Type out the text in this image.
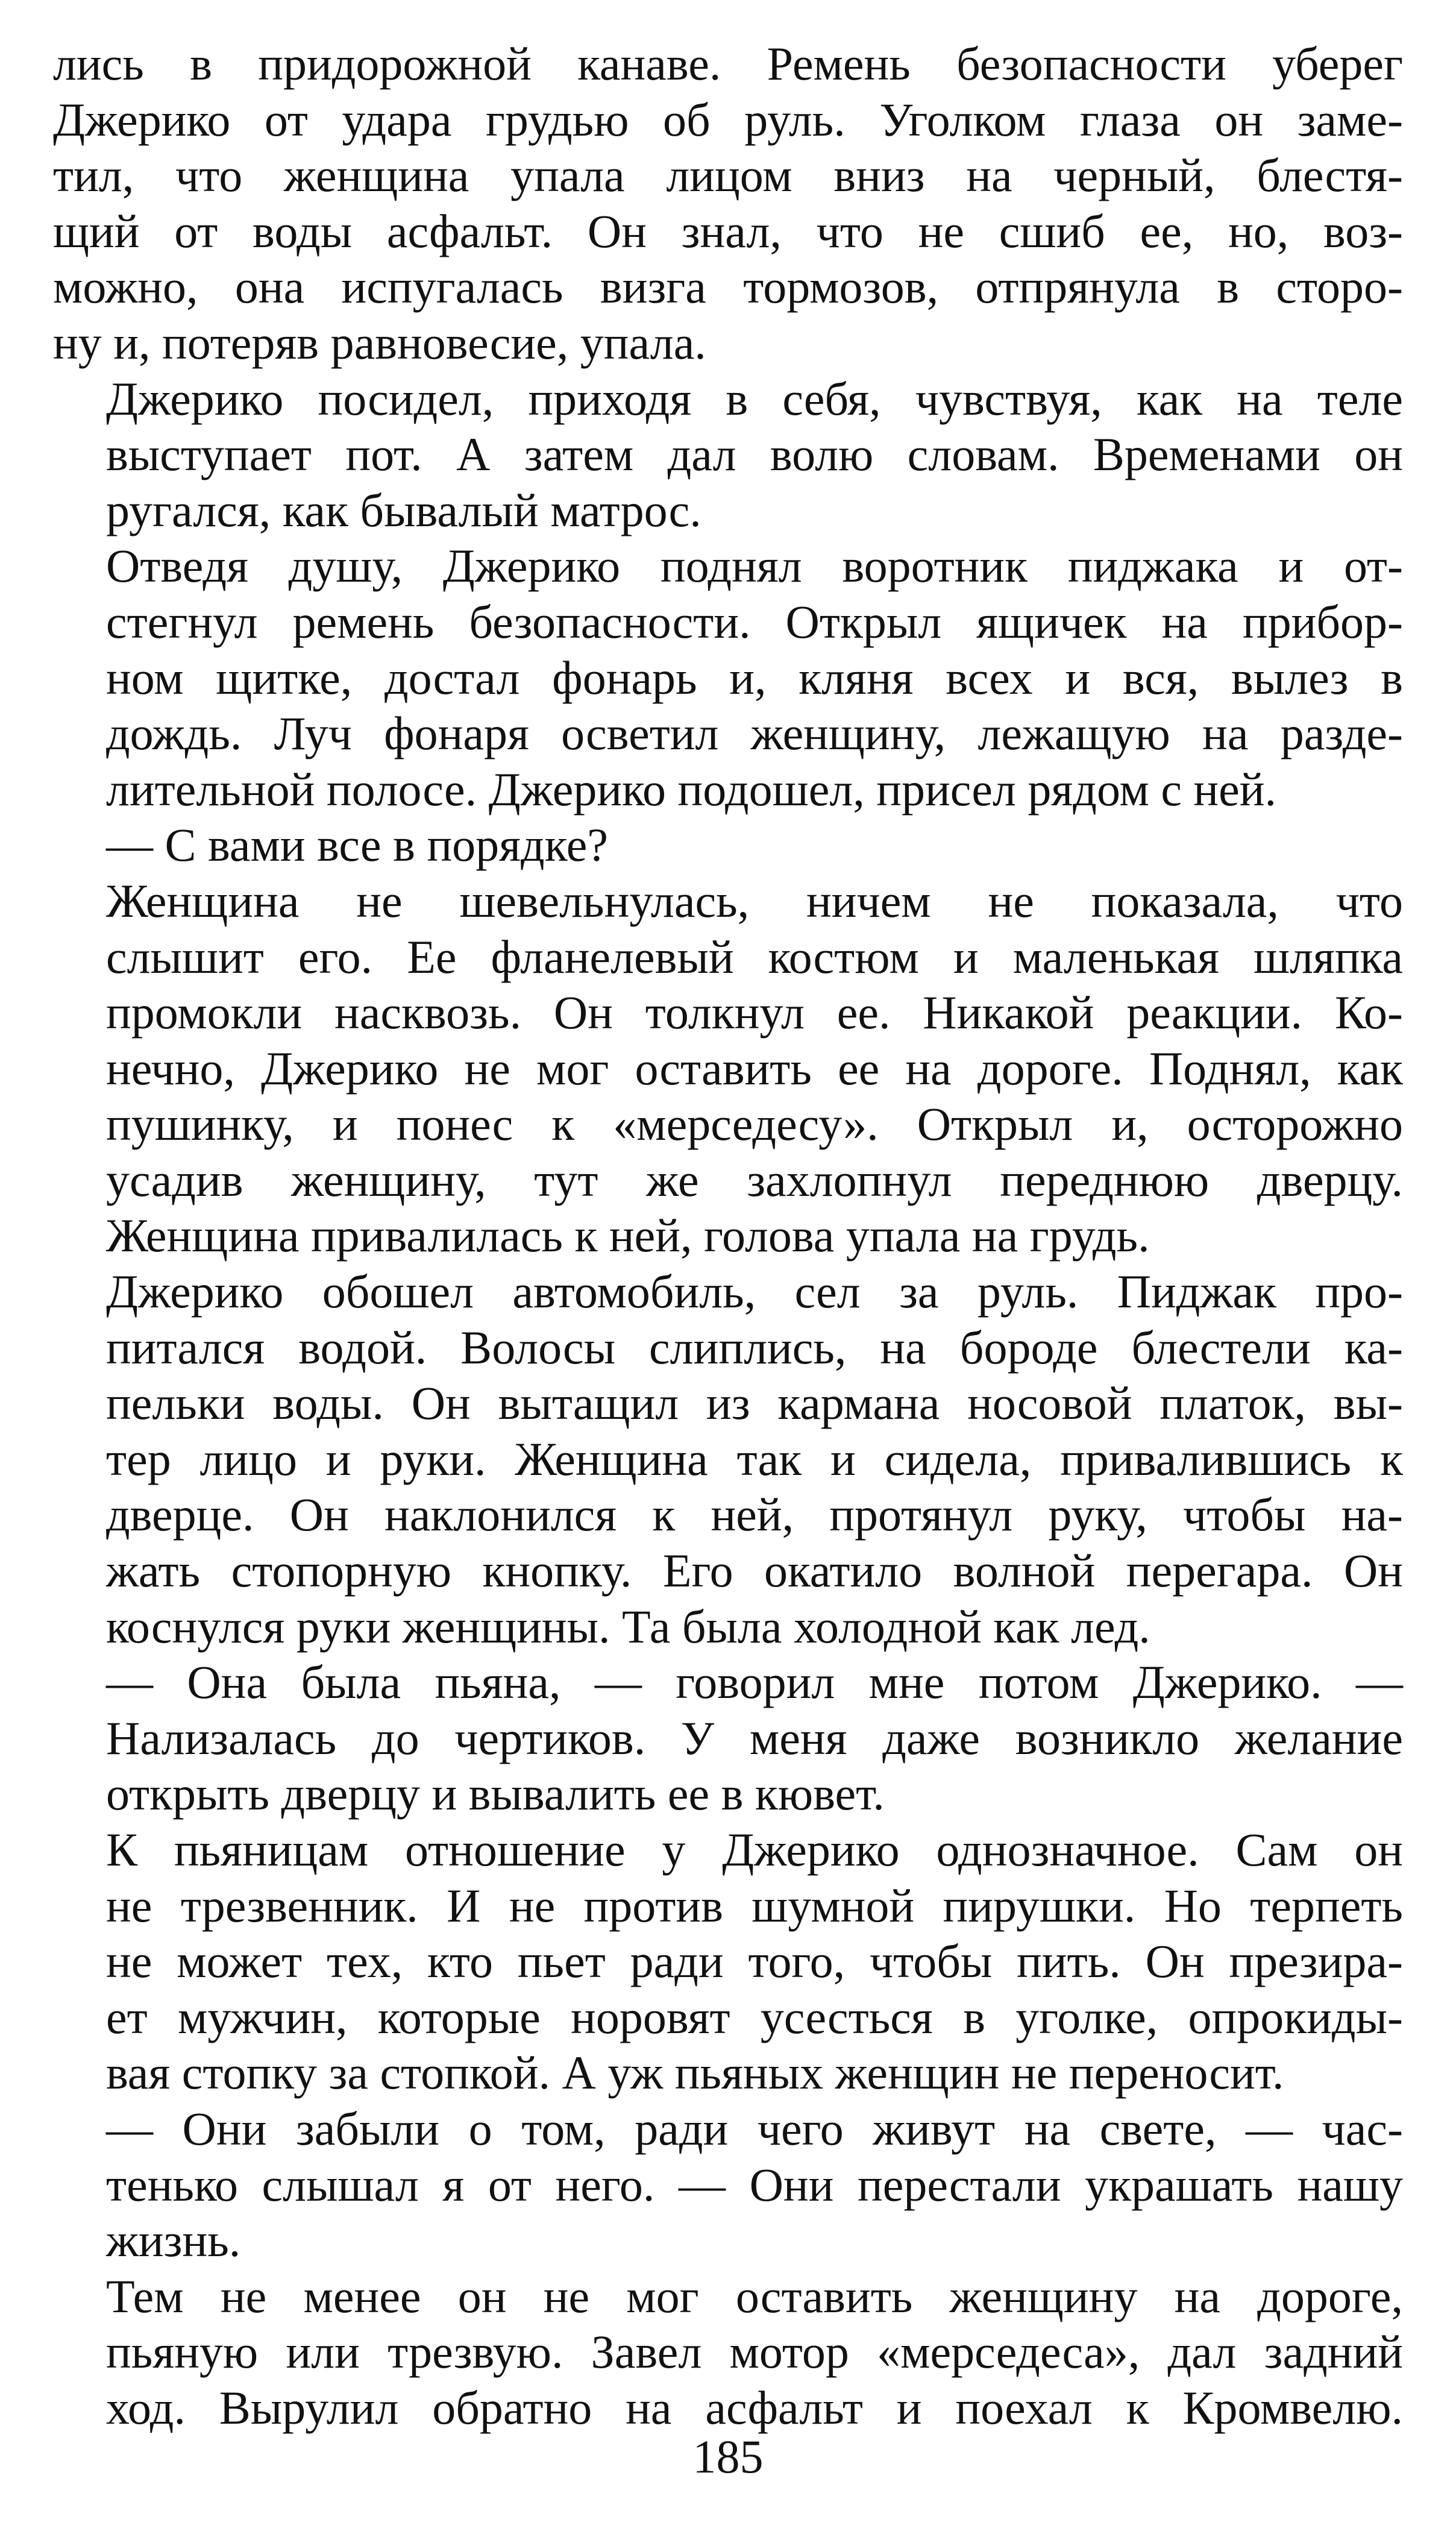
лись в придорожной канаве. Ремень безопасности уберег
Джерико от удара грудью об руль. Уголком глаза он заме-
тил, что женщина упала лицом вниз на черный, блестя-
щий от воды асфальт. Он знал, что не сшиб ее, но, воз-
можно, она испугалась визга тормозов, отпрянула в сторо-
ну и, потеряв равновесие, упала.

Джерико посидел, приходя в себя, чувствуя, как на теле
выступает пот. А затем дал волю словам. Временами он
ругался, как бывалый матрос.

Отведя душу, Джерико поднял воротник пиджака и от-
стегнул ремень безопасности. Открыл ящичек на прибор-
ном щитке, достал фонарь и, кляня всех и вся, вылез в
дождь. Луч фонаря осветил женщину, лежащую на разде-
лительной полосе. Джерико подошел, присел рядом с ней.

— С вами все в порядке?

Женщина не шевельнулась, ничем не показала, что
слышит его. Ее фланелевый костюм и маленькая шляпка
промокли насквозь. Он толкнул ее. Никакой реакции. Ко-
нечно, Джерико не мог оставить ее на дороге. Поднял, как
пушинку, и понес к «мерседесу». Открыл и, осторожно
усадив женщину, тут же захлопнул переднюю дверцу.
Женщина привалилась к ней, голова упала на грудь.

Джерико обошел автомобиль, сел за руль. Пиджак про-
питался водой. Волосы слиплись, на бороде блестели ка-
пельки воды. Он вытащил из кармана носовой платок, вы-
тер лицо и руки. Женщина так и сидела, привалившись к
дверце. Он наклонился к ней, протянул руку, чтобы на-
жать стопорную кнопку. Его окатило волной перегара. Он
коснулся руки женщины. Та была холодной как лед.

— Она была пьяна, — говорил мне потом Джерико. —
Нализалась до чертиков. У меня даже возникло желание
открыть дверцу и вывалить ее в кювет.

К пьяницам отношение у Джерико однозначное. Сам он
не трезвенник. И не против шумной пирушки. Но терпеть
не может тех, кто пьет ради того, чтобы пить. Он презира-
ет мужчин, которые норовят усесться в уголке, опрокиды-
вая стопку за стопкой. А уж пьяных женщин не переносит.

— Они забыли о том, ради чего живут на свете, — час-
тенько слышал я от него. — Они перестали украшать нашу
жизнь.

Тем не менее он не мог оставить женщину на дороге,
пьяную или трезвую. Завел мотор «мерседеса», дал задний
ход. Вырулил обратно на асфальт и поехал к Кромвелю.

185
